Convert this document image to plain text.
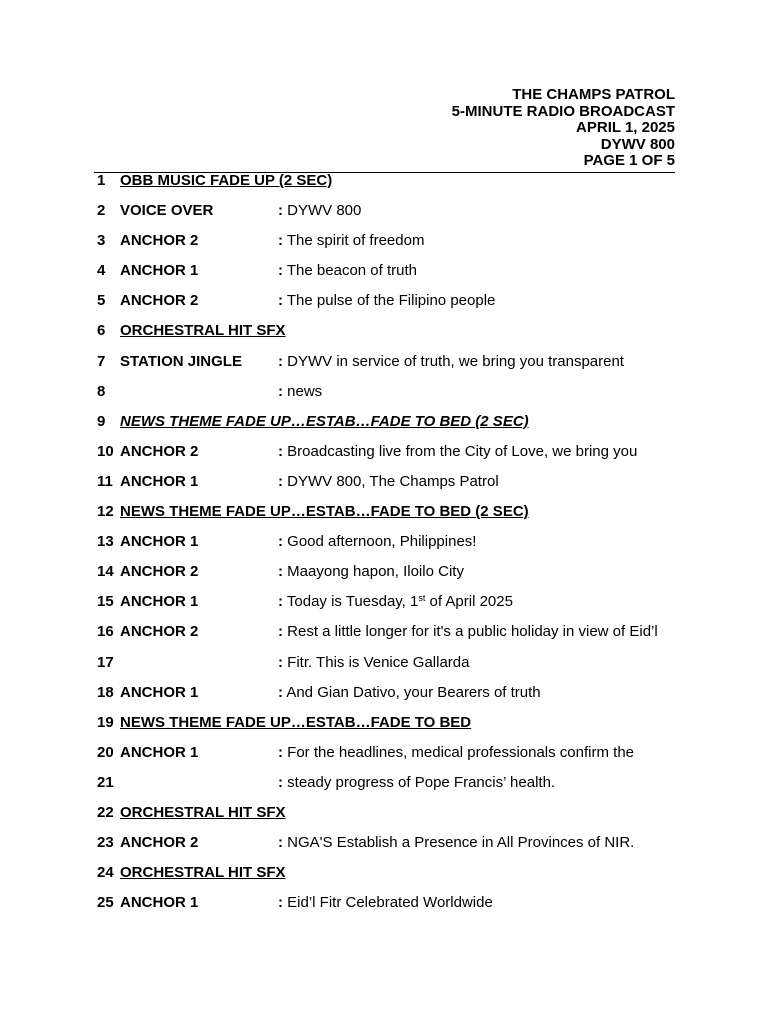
THE CHAMPS PATROL
5-MINUTE RADIO BROADCAST
APRIL 1, 2025
DYWV 800
PAGE 1 OF 5
1 OBB MUSIC FADE UP (2 SEC)
2 VOICE OVER	: DYWV 800
3 ANCHOR 2	: The spirit of freedom
4 ANCHOR 1	: The beacon of truth
5 ANCHOR 2	: The pulse of the Filipino people
6 ORCHESTRAL HIT SFX
7 STATION JINGLE : DYWV in service of truth, we bring you transparent
8	: news
9 NEWS THEME FADE UP…ESTAB…FADE TO BED (2 SEC)
10 ANCHOR 2	: Broadcasting live from the City of Love, we bring you
11 ANCHOR 1	: DYWV 800, The Champs Patrol
12 NEWS THEME FADE UP…ESTAB…FADE TO BED (2 SEC)
13 ANCHOR 1	: Good afternoon, Philippines!
14 ANCHOR 2	: Maayong hapon, Iloilo City
15 ANCHOR 1	: Today is Tuesday, 1st of April 2025
16 ANCHOR 2	: Rest a little longer for it's a public holiday in view of Eid’l
17	: Fitr. This is Venice Gallarda
18 ANCHOR 1	: And Gian Dativo, your Bearers of truth
19 NEWS THEME FADE UP…ESTAB…FADE TO BED
20 ANCHOR 1	: For the headlines, medical professionals confirm the
21	: steady progress of Pope Francis’ health.
22 ORCHESTRAL HIT SFX
23 ANCHOR 2	: NGA'S Establish a Presence in All Provinces of NIR.
24 ORCHESTRAL HIT SFX
25 ANCHOR 1	: Eid’l Fitr Celebrated Worldwide
